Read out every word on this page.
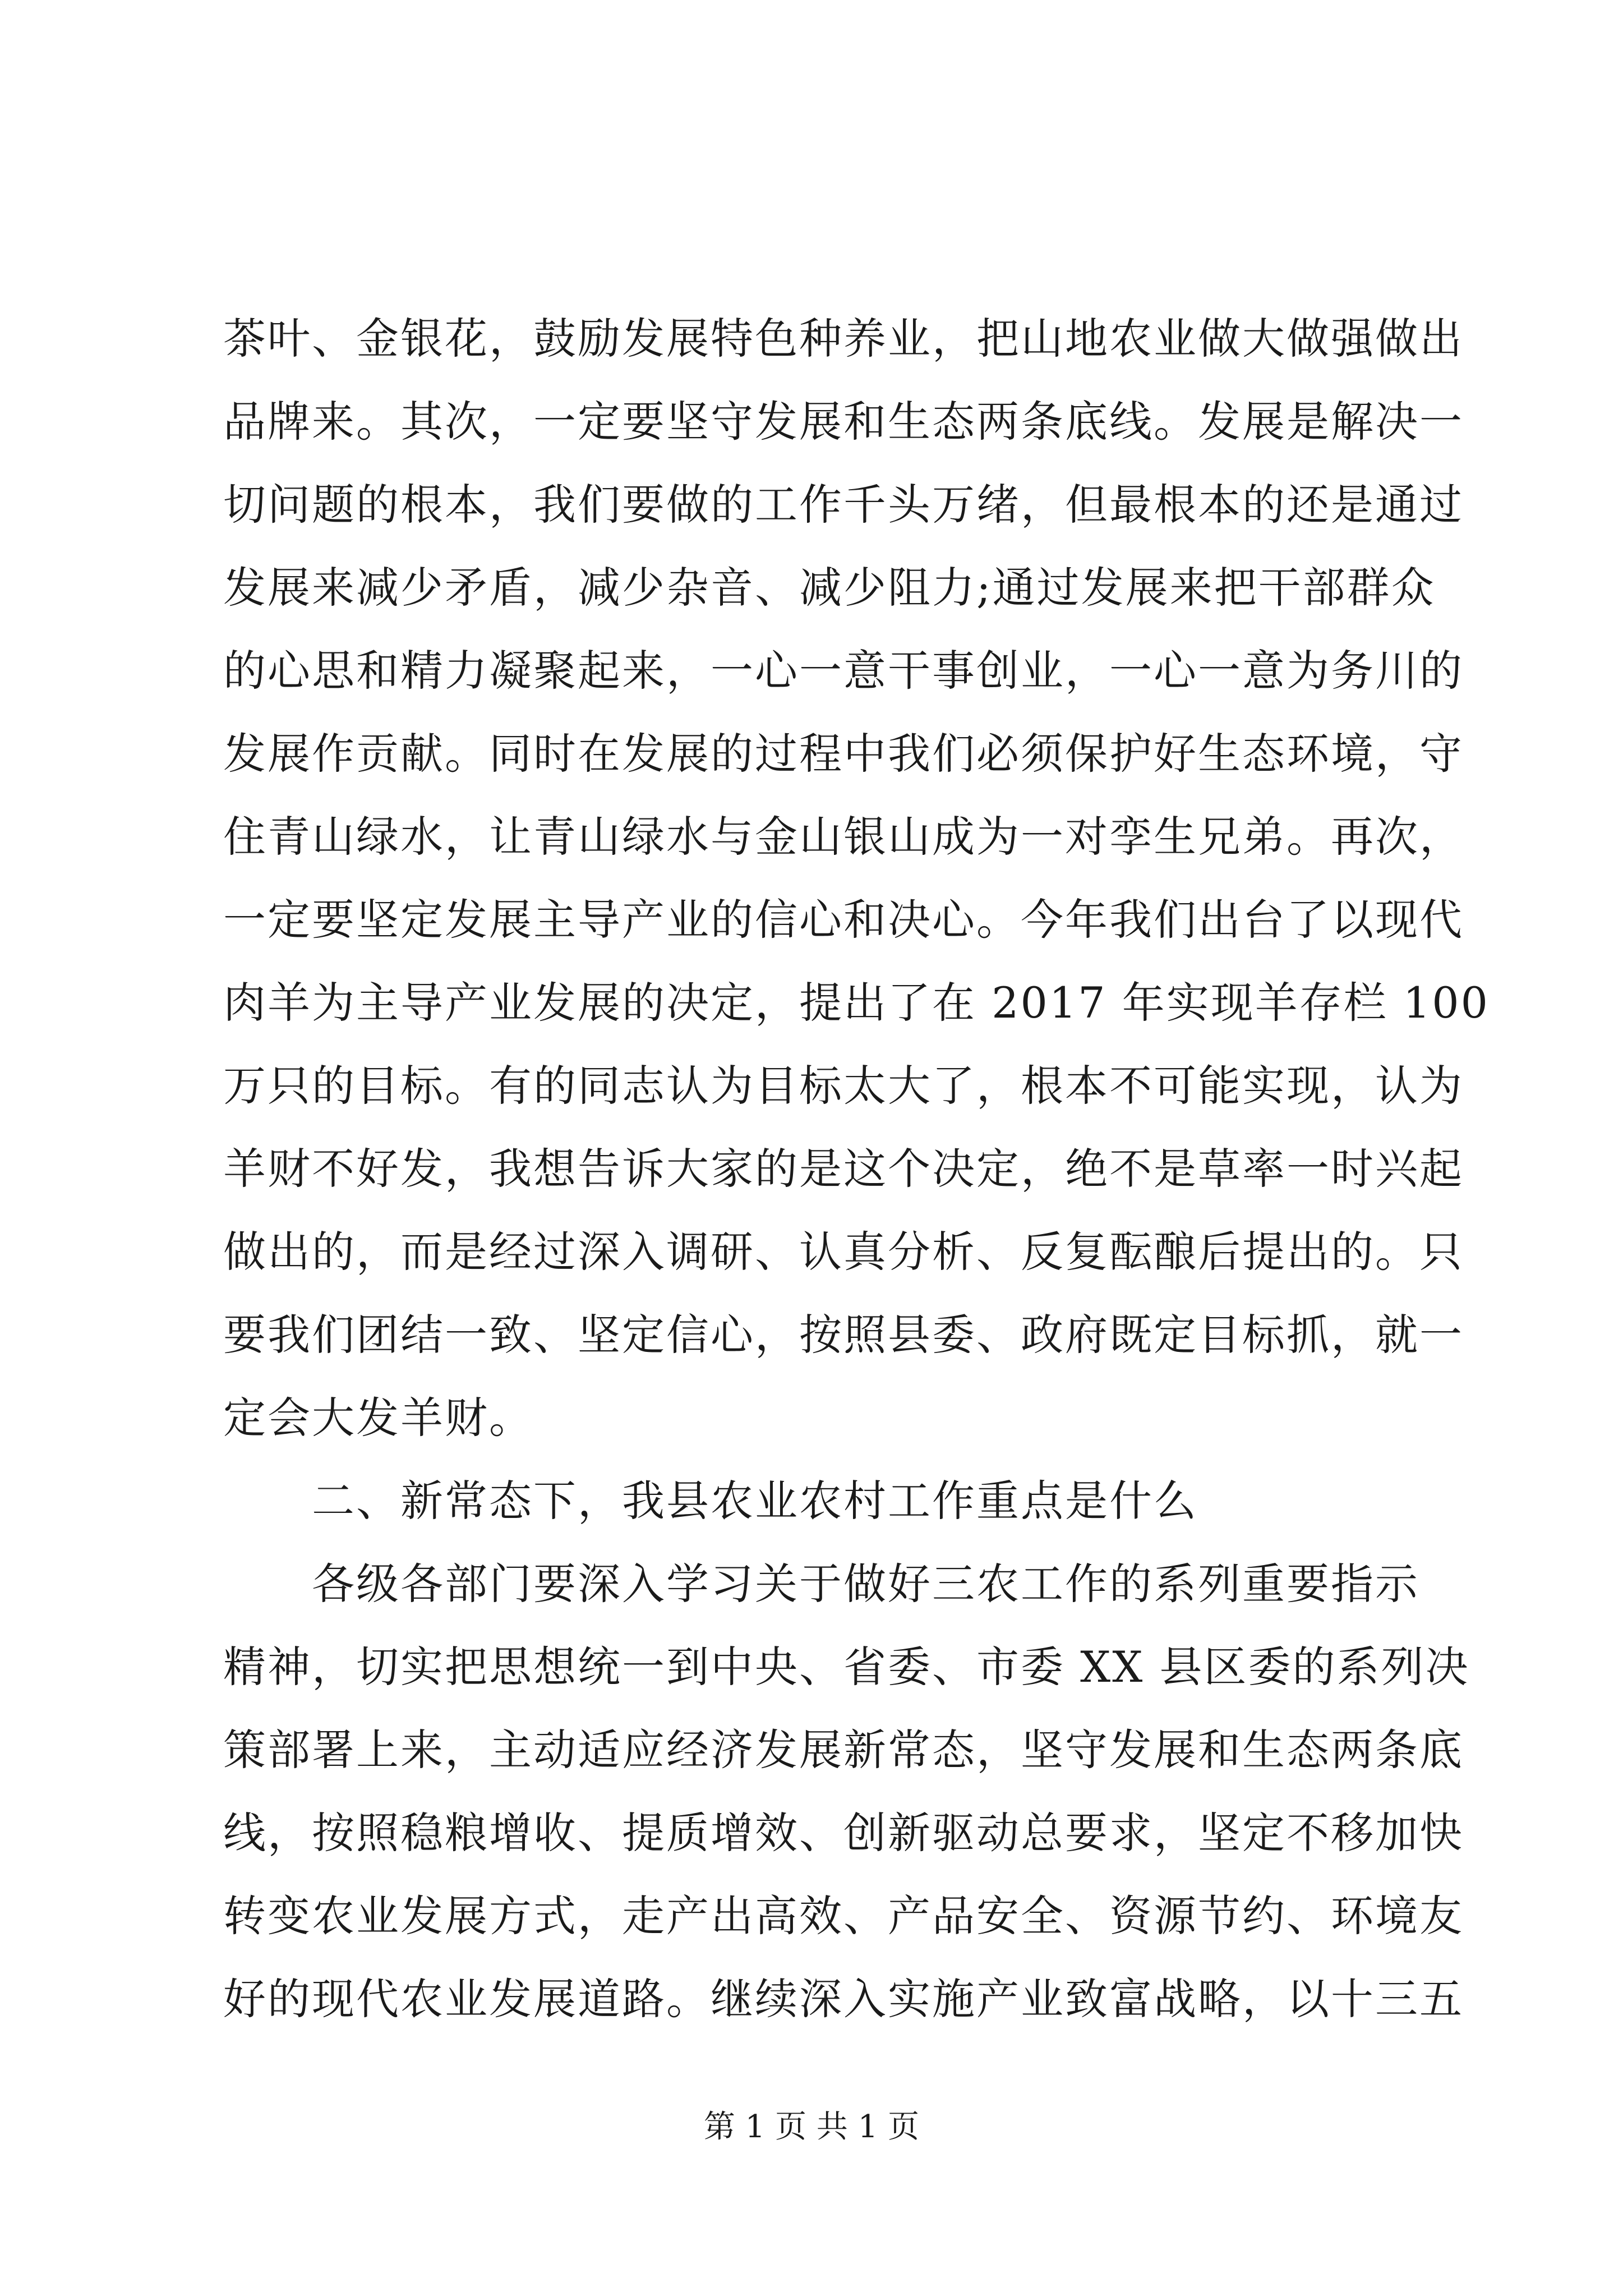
茶叶、金银花，鼓励发展特色种养业，把山地农业做大做强做出
品牌来。其次，一定要坚守发展和生态两条底线。发展是解决一
切问题的根本，我们要做的工作千头万绪，但最根本的还是通过
发展来减少矛盾，减少杂音、减少阻力;通过发展来把干部群众
的心思和精力凝聚起来，一心一意干事创业，一心一意为务川的
发展作贡献。同时在发展的过程中我们必须保护好生态环境，守
住青山绿水，让青山绿水与金山银山成为一对孪生兄弟。再次，
一定要坚定发展主导产业的信心和决心。今年我们出台了以现代
肉羊为主导产业发展的决定，提出了在 2017 年实现羊存栏 100
万只的目标。有的同志认为目标太大了，根本不可能实现，认为
羊财不好发，我想告诉大家的是这个决定，绝不是草率一时兴起
做出的，而是经过深入调研、认真分析、反复酝酿后提出的。只
要我们团结一致、坚定信心，按照县委、政府既定目标抓，就一
定会大发羊财。
　　二、新常态下，我县农业农村工作重点是什么
　　各级各部门要深入学习关于做好三农工作的系列重要指示
精神，切实把思想统一到中央、省委、市委 XX 县区委的系列决
策部署上来，主动适应经济发展新常态，坚守发展和生态两条底
线，按照稳粮增收、提质增效、创新驱动总要求，坚定不移加快
转变农业发展方式，走产出高效、产品安全、资源节约、环境友
好的现代农业发展道路。继续深入实施产业致富战略，以十三五
第 1 页 共 1 页
